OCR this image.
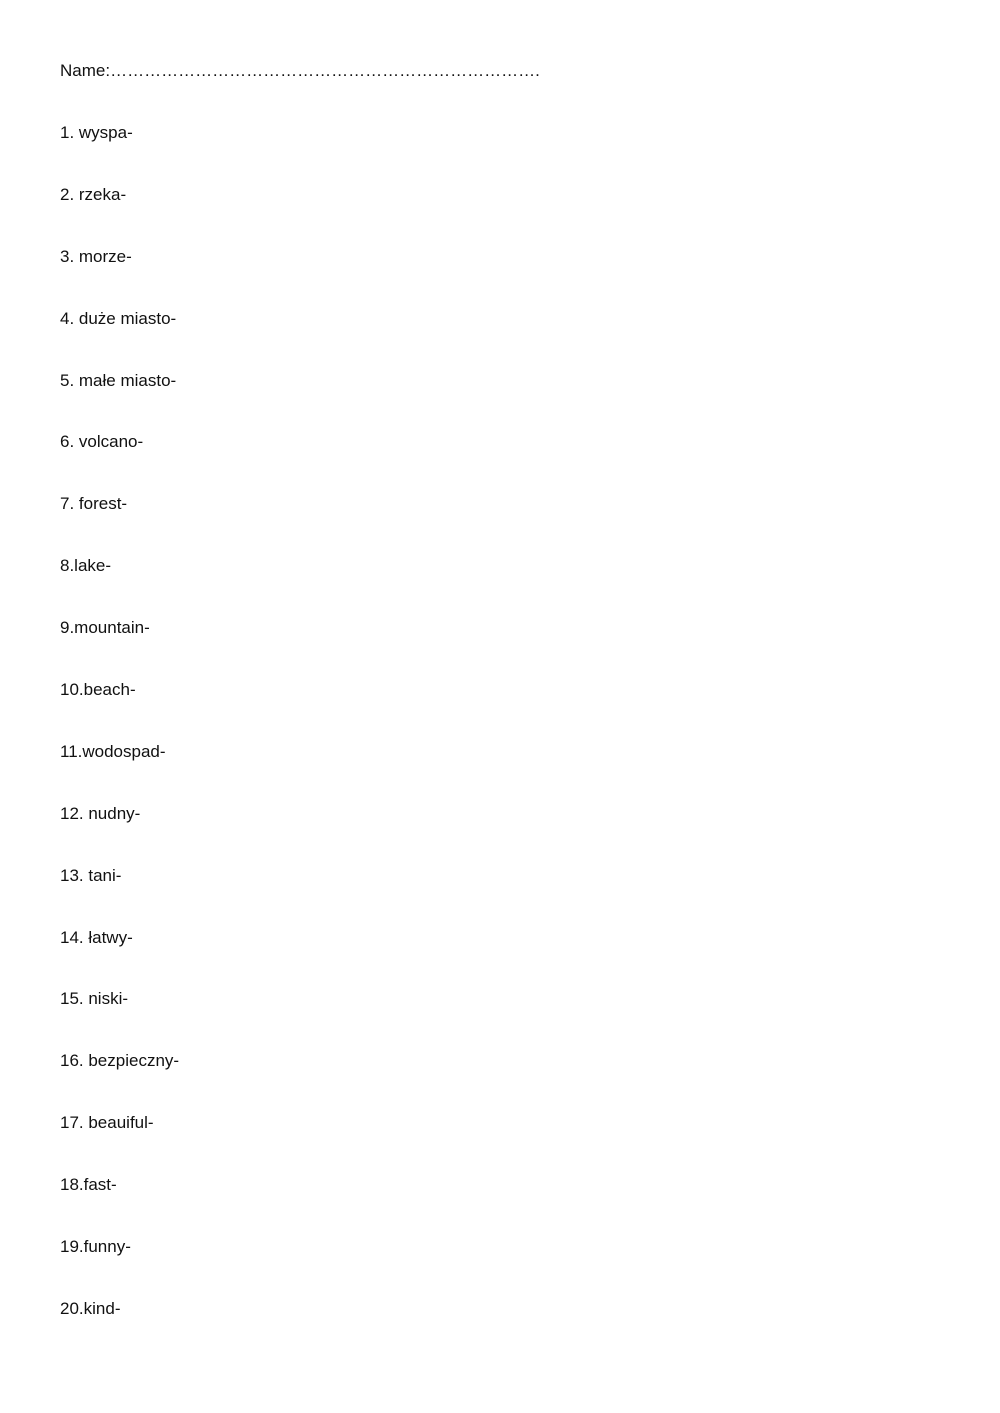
Name:………………………………………………………………….
1. wyspa-
2. rzeka-
3. morze-
4. duże miasto-
5. małe miasto-
6. volcano-
7. forest-
8.lake-
9.mountain-
10.beach-
11.wodospad-
12. nudny-
13. tani-
14. łatwy-
15. niski-
16. bezpieczny-
17. beauiful-
18.fast-
19.funny-
20.kind-
